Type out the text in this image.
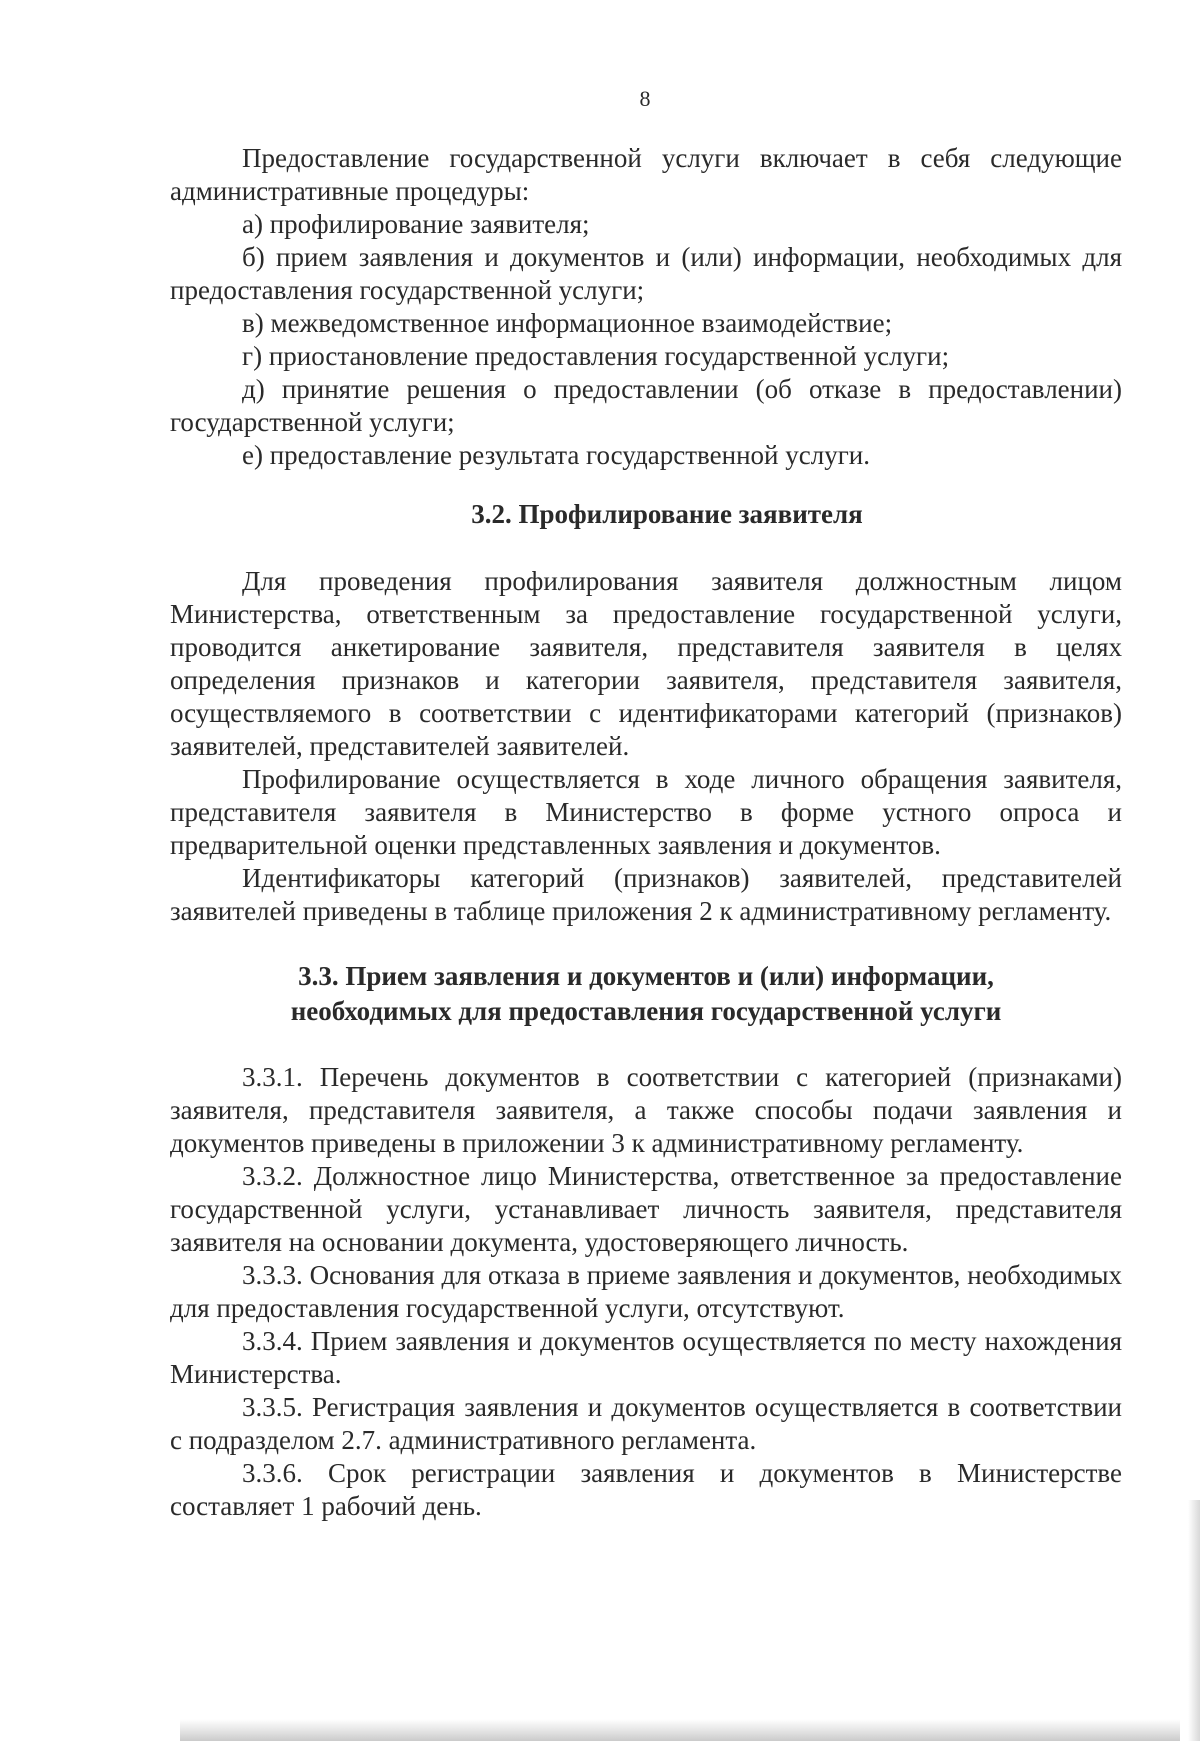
8

Предоставление государственной услуги включает в себя следующие административные процедуры:

а) профилирование заявителя;

б) прием заявления и документов и (или) информации, необходимых для предоставления государственной услуги;

в) межведомственное информационное взаимодействие;

г) приостановление предоставления государственной услуги;

д) принятие решения о предоставлении (об отказе в предоставлении) государственной услуги;

е) предоставление результата государственной услуги.

3.2. Профилирование заявителя

Для проведения профилирования заявителя должностным лицом Министерства, ответственным за предоставление государственной услуги, проводится анкетирование заявителя, представителя заявителя в целях определения признаков и категории заявителя, представителя заявителя, осуществляемого в соответствии с идентификаторами категорий (признаков) заявителей, представителей заявителей.

Профилирование осуществляется в ходе личного обращения заявителя, представителя заявителя в Министерство в форме устного опроса и предварительной оценки представленных заявления и документов.

Идентификаторы категорий (признаков) заявителей, представителей заявителей приведены в таблице приложения 2 к административному регламенту.

3.3. Прием заявления и документов и (или) информации,
необходимых для предоставления государственной услуги

3.3.1. Перечень документов в соответствии с категорией (признаками) заявителя, представителя заявителя, а также способы подачи заявления и документов приведены в приложении 3 к административному регламенту.

3.3.2. Должностное лицо Министерства, ответственное за предоставление государственной услуги, устанавливает личность заявителя, представителя заявителя на основании документа, удостоверяющего личность.

3.3.3. Основания для отказа в приеме заявления и документов, необходимых для предоставления государственной услуги, отсутствуют.

3.3.4. Прием заявления и документов осуществляется по месту нахождения Министерства.

3.3.5. Регистрация заявления и документов осуществляется в соответствии с подразделом 2.7. административного регламента.

3.3.6. Срок регистрации заявления и документов в Министерстве составляет 1 рабочий день.
